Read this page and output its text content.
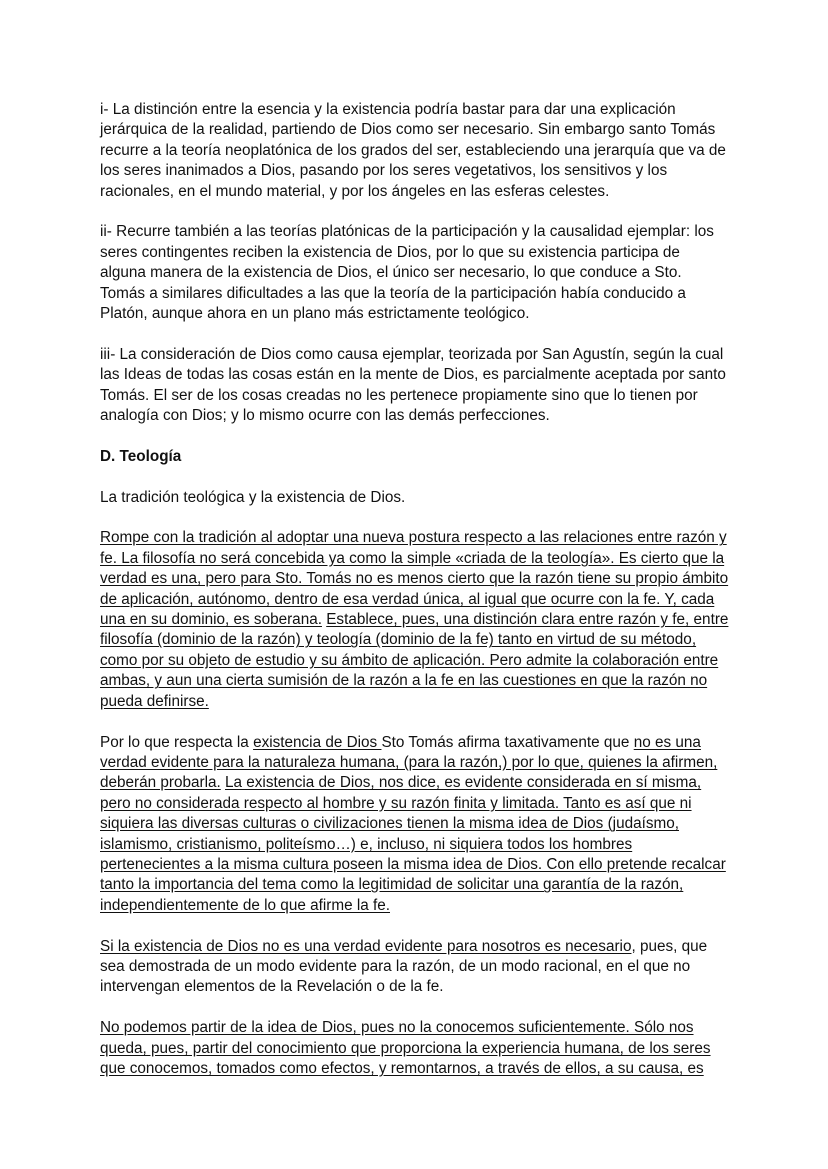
i- La distinción entre la esencia y la existencia podría bastar para dar una explicación jerárquica de la realidad, partiendo de Dios como ser necesario. Sin embargo santo Tomás recurre a la teoría neoplatónica de los grados del ser, estableciendo una jerarquía que va de los seres inanimados a Dios, pasando por los seres vegetativos, los sensitivos y los racionales, en el mundo material, y por los ángeles en las esferas celestes.

ii- Recurre también a las teorías platónicas de la participación y la causalidad ejemplar: los seres contingentes reciben la existencia de Dios, por lo que su existencia participa de alguna manera de la existencia de Dios, el único ser necesario, lo que conduce a Sto. Tomás a similares dificultades a las que la teoría de la participación había conducido a Platón, aunque ahora en un plano más estrictamente teológico.

iii- La consideración de Dios como causa ejemplar, teorizada por San Agustín, según la cual las Ideas de todas las cosas están en la mente de Dios, es parcialmente aceptada por santo Tomás. El ser de los cosas creadas no les pertenece propiamente sino que lo tienen por analogía con Dios; y lo mismo ocurre con las demás perfecciones.

D. Teología

La tradición teológica y la existencia de Dios.

Rompe con la tradición al adoptar una nueva postura respecto a las relaciones entre razón y fe. La filosofía no será concebida ya como la simple «criada de la teología». Es cierto que la verdad es una, pero para Sto. Tomás no es menos cierto que la razón tiene su propio ámbito de aplicación, autónomo, dentro de esa verdad única, al igual que ocurre con la fe. Y, cada una en su dominio, es soberana. Establece, pues, una distinción clara entre razón y fe, entre filosofía (dominio de la razón) y teología (dominio de la fe) tanto en virtud de su método, como por su objeto de estudio y su ámbito de aplicación. Pero admite la colaboración entre ambas, y aun una cierta sumisión de la razón a la fe en las cuestiones en que la razón no pueda definirse.

Por lo que respecta la existencia de Dios Sto Tomás afirma taxativamente que no es una verdad evidente para la naturaleza humana, (para la razón,) por lo que, quienes la afirmen, deberán probarla. La existencia de Dios, nos dice, es evidente considerada en sí misma, pero no considerada respecto al hombre y su razón finita y limitada. Tanto es así que ni siquiera las diversas culturas o civilizaciones tienen la misma idea de Dios (judaísmo, islamismo, cristianismo, politeísmo…) e, incluso, ni siquiera todos los hombres pertenecientes a la misma cultura poseen la misma idea de Dios. Con ello pretende recalcar tanto la importancia del tema como la legitimidad de solicitar una garantía de la razón, independientemente de lo que afirme la fe.

Si la existencia de Dios no es una verdad evidente para nosotros es necesario, pues, que sea demostrada de un modo evidente para la razón, de un modo racional, en el que no intervengan elementos de la Revelación o de la fe.

No podemos partir de la idea de Dios, pues no la conocemos suficientemente. Sólo nos queda, pues, partir del conocimiento que proporciona la experiencia humana, de los seres que conocemos, tomados como efectos, y remontarnos, a través de ellos, a su causa, es
